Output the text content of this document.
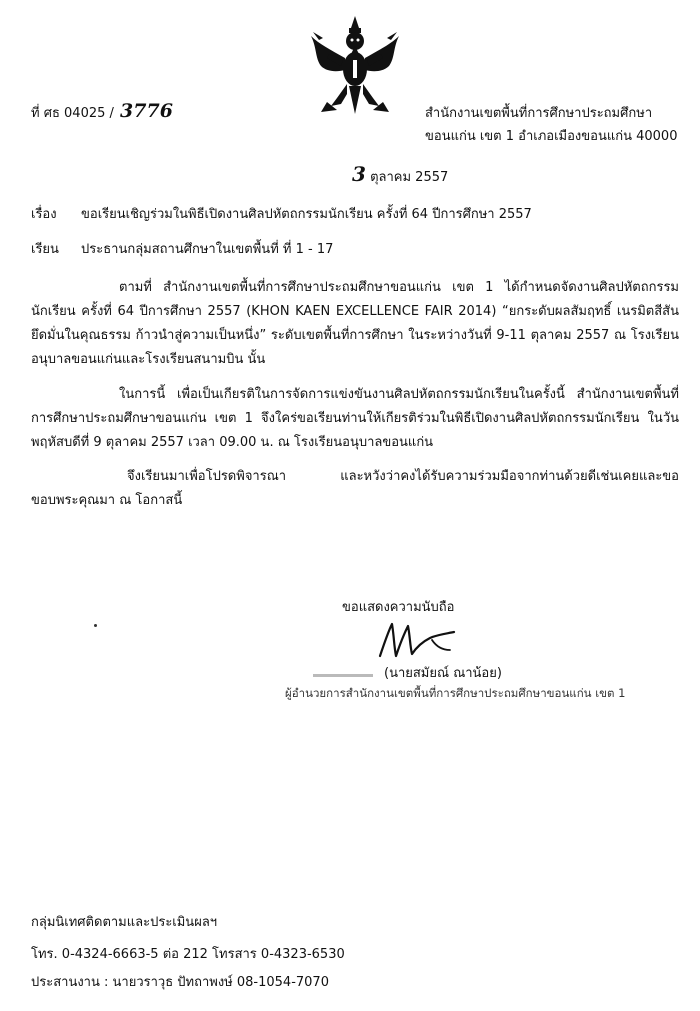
ที่ ศธ 04025 / 3776	สำนักงานเขตพื้นที่การศึกษาประถมศึกษา
ขอนแก่น เขต 1 อำเภอเมืองขอนแก่น 40000
3 ตุลาคม 2557
เรื่อง ขอเรียนเชิญร่วมในพิธีเปิดงานศิลปหัตถกรรมนักเรียน ครั้งที่ 64 ปีการศึกษา 2557
เรียน ประธานกลุ่มสถานศึกษาในเขตพื้นที่ ที่ 1 - 17
ตามที่ สำนักงานเขตพื้นที่การศึกษาประถมศึกษาขอนแก่น เขต 1 ได้กำหนดจัดงานศิลปหัตถกรรมนักเรียน ครั้งที่ 64 ปีการศึกษา 2557 (KHON KAEN EXCELLENCE FAIR 2014) “ยกระดับผลสัมฤทธิ์ เนรมิตสีสันยึดมั่นในคุณธรรม ก้าวนำสู่ความเป็นหนึ่ง” ระดับเขตพื้นที่การศึกษา ในระหว่างวันที่ 9-11 ตุลาคม 2557 ณ โรงเรียนอนุบาลขอนแก่นและโรงเรียนสนามบิน นั้น
ในการนี้ เพื่อเป็นเกียรติในการจัดการแข่งขันงานศิลปหัตถกรรมนักเรียนในครั้งนี้ สำนักงานเขตพื้นที่การศึกษาประถมศึกษาขอนแก่น เขต 1 จึงใคร่ขอเรียนท่านให้เกียรติร่วมในพิธีเปิดงานศิลปหัตถกรรมนักเรียน ในวันพฤหัสบดีที่ 9 ตุลาคม 2557 เวลา 09.00 น. ณ โรงเรียนอนุบาลขอนแก่น
จึงเรียนมาเพื่อโปรดพิจารณา และหวังว่าคงได้รับความร่วมมือจากท่านด้วยดีเช่นเคยและขอขอบพระคุณมา ณ โอกาสนี้
ขอแสดงความนับถือ
(นายสมัยณ์ ณาน้อย)
ผู้อำนวยการสำนักงานเขตพื้นที่การศึกษาประถมศึกษาขอนแก่น เขต 1
กลุ่มนิเทศติดตามและประเมินผลฯ
โทร. 0-4324-6663-5 ต่อ 212 โทรสาร 0-4323-6530
ประสานงาน : นายวราวุธ ปัทถาพงษ์ 08-1054-7070
